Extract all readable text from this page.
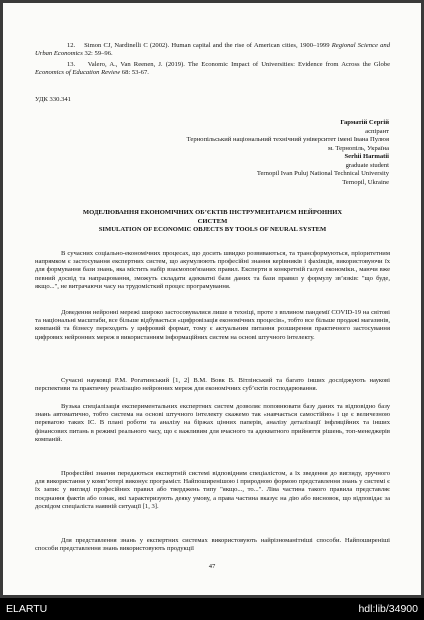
12. Simon CJ, Nardinelli C (2002). Human capital and the rise of American cities, 1900–1999 Regional Science and Urban Economics 32: 59–96.
13. Valero, A., Van Reenen, J. (2019). The Economic Impact of Universities: Evidence from Across the Globe Economics of Education Review 68: 53-67.
УДК 330.341
Гарматій Сергій
аспірант
Тернопільський національний технічний університет імені Івана Пулюя
м. Тернопіль, Україна
Serhii Harmatii
graduate student
Ternopil Ivan Puluj National Technical University
Ternopil, Ukraine
МОДЕЛЮВАННЯ ЕКОНОМІЧНИХ ОБ’ЄКТІВ ІНСТРУМЕНТАРІЄМ НЕЙРОННИХ
СИСТЕМ
SIMULATION OF ECONOMIC OBJECTS BY TOOLS OF NEURAL SYSTEM
В сучасних соціально-економічних процесах, що досить швидко розвиваються, та трансформуються, пріоритетним напрямком є застосування експертних систем, що акумулюють професійні знання керівників і фахівців, використовуючи їх для формування бази знань, яка містить набір взаємопов'язаних правил. Експерти в конкретній галузі економіки., маючи вже певний досвід та напрацювання, зможуть складати адекватні бази даних та бази правил у формулу зв’язків: "що буде, якщо...", не витрачаючи часу на трудомісткий процес програмування.
Доведення нейронні мережі широко застосовувалися лише в техніці, проте з вплином пандемії COVID-19 на світові та національні масштаби, все більше відбувається «цифровізація економічних процесів», тобто все більше продажі магазинів, компаній та бізнесу переходить у цифровий формат, тому є актуальним питання розширення практичного застосування цифрових нейронних мереж в використанням інформаційних систем на основі штучного інтелекту.
Сучасні науковці Р.М. Рогатинський [1, 2] В.М. Вовк В. Вітлінський та багато інших досліджують наукові перспективи та практичну реалізацію нейронних мереж для економічних суб’єктів господарювання.
Вузька спеціалізація експериментальних експертних систем дозволяє поповнювати базу даних та відповідно базу знань автоматично, тобто система на основі штучного інтелекту скажемо так «навчається самостійно» і це є величезною перевагою таких ІС. В плані роботи та аналізу на біржах цінних паперів, аналізу деталізації інфляційних та інших фінансових питань в режимі реального часу, що є важливим для вчасного та адекватного прийняття рішень, топ-менеджерів компаній.
Професійні знання передаються експертній системі відповідним спеціалістом, а їх зведення до вигляду, зручного для використання у комп’ютері виконує програміст. Найпоширенішою і природною формою представлення знань у системі є їх запис у вигляді професійних правил або тверджень типу "якщо..., то...". Ліва частина такого правила представляє поєднання фактів або ознак, які характеризують деяку умову, а права частина вказує на дію або висновок, що відповідає за досвідом спеціаліста наявній ситуації [1, 3].
Для представлення знань у експертних системах використовують найрізноманітніші способи. Найпоширеніші способи представлення знань використовують продукції
47
ELARTU	hdl:lib/34900
